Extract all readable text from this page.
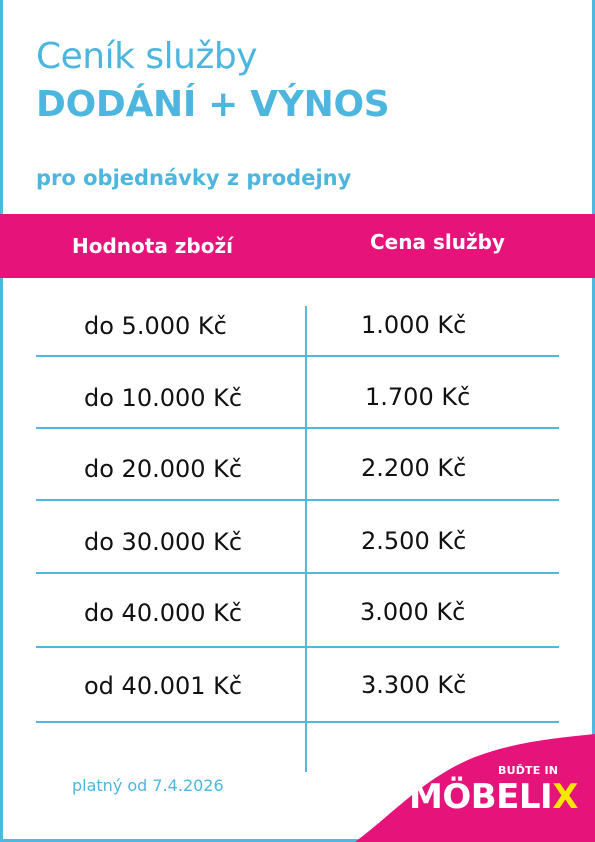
Ceník služby
DODÁNÍ + VÝNOS
pro objednávky z prodejny
Hodnota zboží	Cena služby
do 5.000 Kč	1.000 Kč
do 10.000 Kč	1.700 Kč
do 20.000 Kč	2.200 Kč
do 30.000 Kč	2.500 Kč
do 40.000 Kč	3.000 Kč
od 40.001 Kč	3.300 Kč
platný od 7.4.2026
BUĎTE IN
MÖBELIX
